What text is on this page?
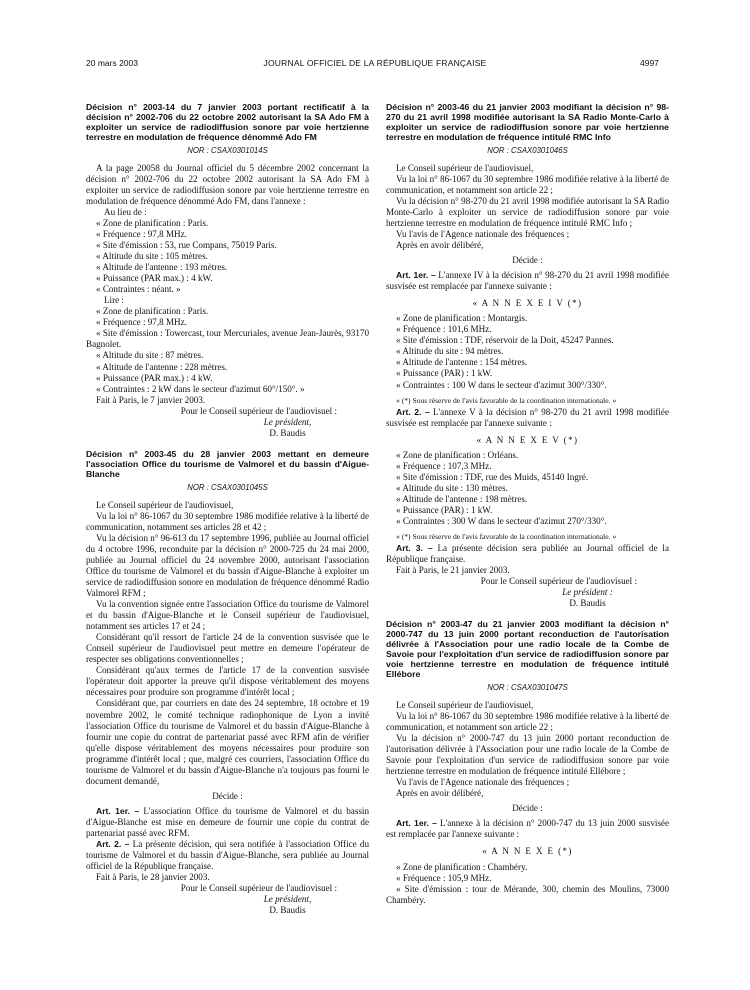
20 mars 2003	JOURNAL OFFICIEL DE LA RÉPUBLIQUE FRANÇAISE	4997

Décision n° 2003-14 du 7 janvier 2003 portant rectificatif à la décision n° 2002-706 du 22 octobre 2002 autorisant la SA Ado FM à exploiter un service de radiodiffusion sonore par voie hertzienne terrestre en modulation de fréquence dénommé Ado FM

NOR : CSAX0301014S

A la page 20058 du Journal officiel du 5 décembre 2002 concernant la décision n° 2002-706 du 22 octobre 2002 autorisant la SA Ado FM à exploiter un service de radiodiffusion sonore par voie hertzienne terrestre en modulation de fréquence dénommé Ado FM, dans l'annexe :

Au lieu de :

« Zone de planification : Paris.

« Fréquence : 97,8 MHz.

« Site d'émission : 53, rue Compans, 75019 Paris.

« Altitude du site : 105 mètres.

« Altitude de l'antenne : 193 mètres.

« Puissance (PAR max.) : 4 kW.

« Contraintes : néant. »

Lire :

« Zone de planification : Paris.

« Fréquence : 97,8 MHz.

« Site d'émission : Towercast, tour Mercuriales, avenue Jean-Jaurès, 93170 Bagnolet.

« Altitude du site : 87 mètres.

« Altitude de l'antenne : 228 mètres.

« Puissance (PAR max.) : 4 kW.

« Contraintes : 2 kW dans le secteur d'azimut 60°/150°. »

Fait à Paris, le 7 janvier 2003.

Pour le Conseil supérieur de l'audiovisuel :

Le président,

D. Baudis

Décision n° 2003-45 du 28 janvier 2003 mettant en demeure l'association Office du tourisme de Valmorel et du bassin d'Aigue-Blanche

NOR : CSAX0301045S

Le Conseil supérieur de l'audiovisuel,

Vu la loi n° 86-1067 du 30 septembre 1986 modifiée relative à la liberté de communication, notamment ses articles 28 et 42 ;

Vu la décision n° 96-613 du 17 septembre 1996, publiée au Journal officiel du 4 octobre 1996, reconduite par la décision n° 2000-725 du 24 mai 2000, publiée au Journal officiel du 24 novembre 2000, autorisant l'association Office du tourisme de Valmorel et du bassin d'Aigue-Blanche à exploiter un service de radiodiffusion sonore en modulation de fréquence dénommé Radio Valmorel RFM ;

Vu la convention signée entre l'association Office du tourisme de Valmorel et du bassin d'Aigue-Blanche et le Conseil supérieur de l'audiovisuel, notamment ses articles 17 et 24 ;

Considérant qu'il ressort de l'article 24 de la convention susvisée que le Conseil supérieur de l'audiovisuel peut mettre en demeure l'opérateur de respecter ses obligations conventionnelles ;

Considérant qu'aux termes de l'article 17 de la convention susvisée l'opérateur doit apporter la preuve qu'il dispose véritablement des moyens nécessaires pour produire son programme d'intérêt local ;

Considérant que, par courriers en date des 24 septembre, 18 octobre et 19 novembre 2002, le comité technique radiophonique de Lyon a invité l'association Office du tourisme de Valmorel et du bassin d'Aigue-Blanche à fournir une copie du contrat de partenariat passé avec RFM afin de vérifier qu'elle dispose véritablement des moyens nécessaires pour produire son programme d'intérêt local ; que, malgré ces courriers, l'association Office du tourisme de Valmorel et du bassin d'Aigue-Blanche n'a toujours pas fourni le document demandé,

Décide :

Art. 1er. – L'association Office du tourisme de Valmorel et du bassin d'Aigue-Blanche est mise en demeure de fournir une copie du contrat de partenariat passé avec RFM.

Art. 2. – La présente décision, qui sera notifiée à l'association Office du tourisme de Valmorel et du bassin d'Aigue-Blanche, sera publiée au Journal officiel de la République française.

Fait à Paris, le 28 janvier 2003.

Pour le Conseil supérieur de l'audiovisuel :

Le président,

D. Baudis

Décision n° 2003-46 du 21 janvier 2003 modifiant la décision n° 98-270 du 21 avril 1998 modifiée autorisant la SA Radio Monte-Carlo à exploiter un service de radiodiffusion sonore par voie hertzienne terrestre en modulation de fréquence intitulé RMC Info

NOR : CSAX0301046S

Le Conseil supérieur de l'audiovisuel,

Vu la loi n° 86-1067 du 30 septembre 1986 modifiée relative à la liberté de communication, et notamment son article 22 ;

Vu la décision n° 98-270 du 21 avril 1998 modifiée autorisant la SA Radio Monte-Carlo à exploiter un service de radiodiffusion sonore par voie hertzienne terrestre en modulation de fréquence intitulé RMC Info ;

Vu l'avis de l'Agence nationale des fréquences ;

Après en avoir délibéré,

Décide :

Art. 1er. – L'annexe IV à la décision n° 98-270 du 21 avril 1998 modifiée susvisée est remplacée par l'annexe suivante :

« A N N E X E I V (*)

« Zone de planification : Montargis.

« Fréquence : 101,6 MHz.

« Site d'émission : TDF, réservoir de la Doit, 45247 Pannes.

« Altitude du site : 94 mètres.

« Altitude de l'antenne : 154 mètres.

« Puissance (PAR) : 1 kW.

« Contraintes : 100 W dans le secteur d'azimut 300°/330°.

« (*) Sous réserve de l'avis favorable de la coordination internationale. »

Art. 2. – L'annexe V à la décision n° 98-270 du 21 avril 1998 modifiée susvisée est remplacée par l'annexe suivante :

« A N N E X E V (*)

« Zone de planification : Orléans.

« Fréquence : 107,3 MHz.

« Site d'émission : TDF, rue des Muids, 45140 Ingré.

« Altitude du site : 130 mètres.

« Altitude de l'antenne : 198 mètres.

« Puissance (PAR) : 1 kW.

« Contraintes : 300 W dans le secteur d'azimut 270°/330°.

« (*) Sous réserve de l'avis favorable de la coordination internationale. »

Art. 3. – La présente décision sera publiée au Journal officiel de la République française.

Fait à Paris, le 21 janvier 2003.

Pour le Conseil supérieur de l'audiovisuel :

Le président :

D. Baudis

Décision n° 2003-47 du 21 janvier 2003 modifiant la décision n° 2000-747 du 13 juin 2000 portant reconduction de l'autorisation délivrée à l'Association pour une radio locale de la Combe de Savoie pour l'exploitation d'un service de radiodiffusion sonore par voie hertzienne terrestre en modulation de fréquence intitulé Ellébore

NOR : CSAX0301047S

Le Conseil supérieur de l'audiovisuel,

Vu la loi n° 86-1067 du 30 septembre 1986 modifiée relative à la liberté de communication, et notamment son article 22 ;

Vu la décision n° 2000-747 du 13 juin 2000 portant reconduction de l'autorisation délivrée à l'Association pour une radio locale de la Combe de Savoie pour l'exploitation d'un service de radiodiffusion sonore par voie hertzienne terrestre en modulation de fréquence intitulé Ellébore ;

Vu l'avis de l'Agence nationale des fréquences ;

Après en avoir délibéré,

Décide :

Art. 1er. – L'annexe à la décision n° 2000-747 du 13 juin 2000 susvisée est remplacée par l'annexe suivante :

« A N N E X E (*)

« Zone de planification : Chambéry.

« Fréquence : 105,9 MHz.

« Site d'émission : tour de Mérande, 300, chemin des Moulins, 73000 Chambéry.
